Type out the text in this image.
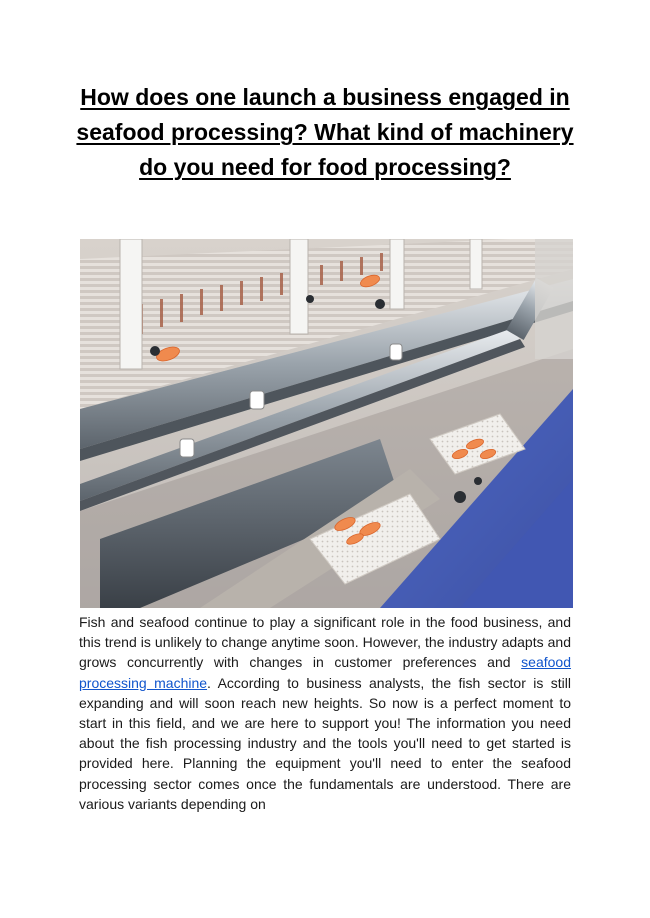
How does one launch a business engaged in seafood processing? What kind of machinery do you need for food processing?

Fish and seafood continue to play a significant role in the food business, and this trend is unlikely to change anytime soon. However, the industry adapts and grows concurrently with changes in customer preferences and seafood processing machine. According to business analysts, the fish sector is still expanding and will soon reach new heights. So now is a perfect moment to start in this field, and we are here to support you! The information you need about the fish processing industry and the tools you'll need to get started is provided here. Planning the equipment you'll need to enter the seafood processing sector comes once the fundamentals are understood. There are various variants depending on
